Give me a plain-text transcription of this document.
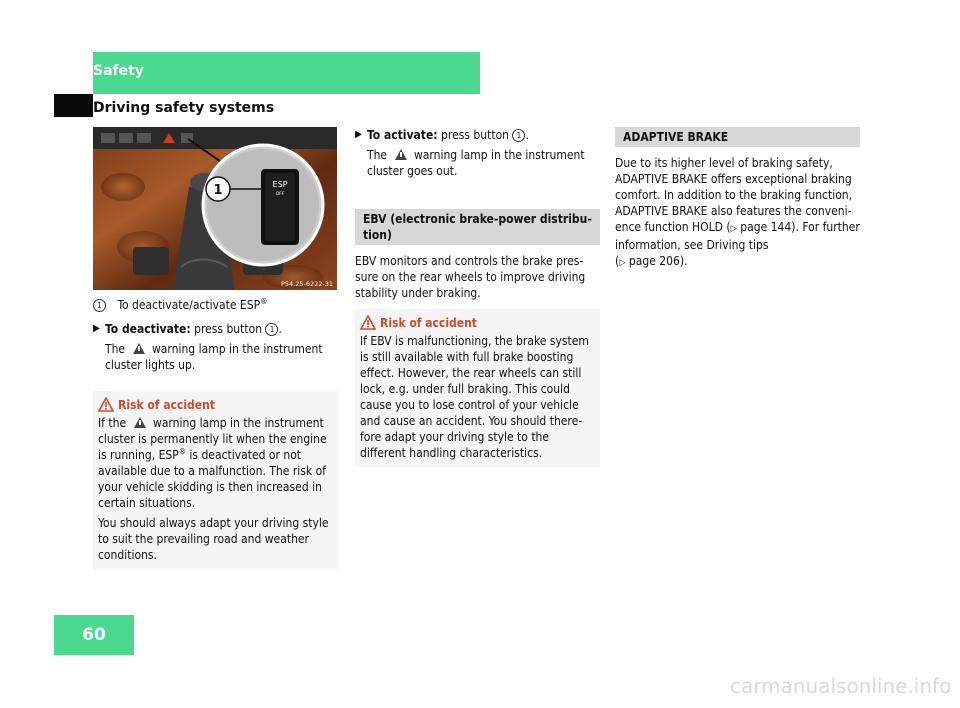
Safety
Driving safety systems
ESP
OFF
1
P54.25-6222-31

1 To deactivate/activate ESP®

▶ To deactivate: press button 1 .

The  warning lamp in the instrument cluster lights up.

Risk of accident

If the  warning lamp in the instrument cluster is permanently lit when the engine is running, ESP® is deactivated or not available due to a malfunction. The risk of your vehicle skidding is then increased in certain situations.

You should always adapt your driving style to suit the prevailing road and weather conditions.

▶ To activate: press button 1 .

The  warning lamp in the instrument cluster goes out.

EBV (electronic brake-power distribution)

EBV monitors and controls the brake pressure on the rear wheels to improve driving stability under braking.

Risk of accident

If EBV is malfunctioning, the brake system is still available with full brake boosting effect. However, the rear wheels can still lock, e.g. under full braking. This could cause you to lose control of your vehicle and cause an accident. You should therefore adapt your driving style to the different handling characteristics.

ADAPTIVE BRAKE

Due to its higher level of braking safety, ADAPTIVE BRAKE offers exceptional braking comfort. In addition to the braking function, ADAPTIVE BRAKE also features the convenience function HOLD (▷ page 144). For further information, see Driving tips
(▷ page 206).

60
carmanualsonline.info
